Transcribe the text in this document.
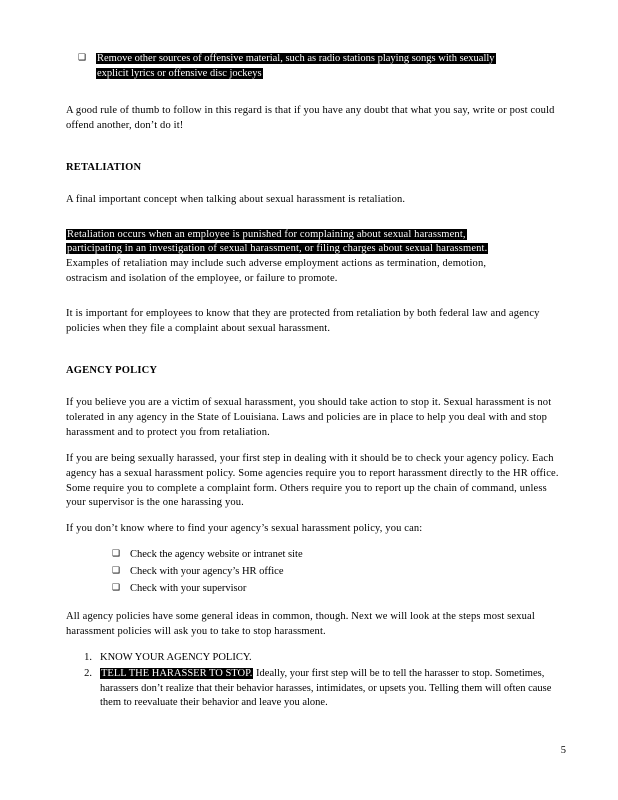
❑	Remove other sources of offensive material, such as radio stations playing songs with sexually
explicit lyrics or offensive disc jockeys

A good rule of thumb to follow in this regard is that if you have any doubt that what you say, write or post could offend another, don’t do it!

RETALIATION

A final important concept when talking about sexual harassment is retaliation.

Retaliation occurs when an employee is punished for complaining about sexual harassment,
participating in an investigation of sexual harassment, or filing charges about sexual harassment.
Examples of retaliation may include such adverse employment actions as termination, demotion,
ostracism and isolation of the employee, or failure to promote.

It is important for employees to know that they are protected from retaliation by both federal law and agency policies when they file a complaint about sexual harassment.

AGENCY POLICY

If you believe you are a victim of sexual harassment, you should take action to stop it. Sexual harassment is not tolerated in any agency in the State of Louisiana. Laws and policies are in place to help you deal with and stop harassment and to protect you from retaliation.

If you are being sexually harassed, your first step in dealing with it should be to check your agency policy. Each agency has a sexual harassment policy. Some agencies require you to report harassment directly to the HR office. Some require you to complete a complaint form. Others require you to report up the chain of command, unless your supervisor is the one harassing you.

If you don’t know where to find your agency’s sexual harassment policy, you can:

❑ Check the agency website or intranet site
❑ Check with your agency’s HR office
❑ Check with your supervisor

All agency policies have some general ideas in common, though. Next we will look at the steps most sexual harassment policies will ask you to take to stop harassment.

1. KNOW YOUR AGENCY POLICY.
2. TELL THE HARASSER TO STOP. Ideally, your first step will be to tell the harasser to stop. Sometimes, harassers don’t realize that their behavior harasses, intimidates, or upsets you. Telling them will often cause them to reevaluate their behavior and leave you alone.
5
